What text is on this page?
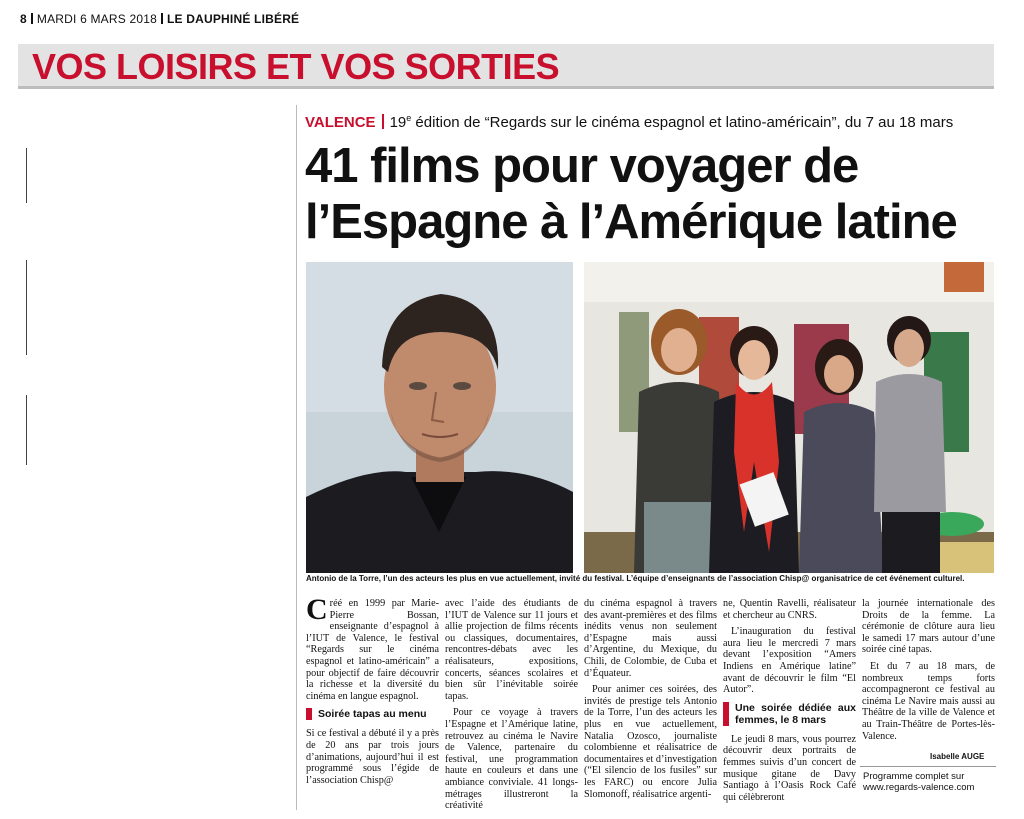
8 MARDI 6 MARS 2018 LE DAUPHINÉ LIBÉRÉ
VOS LOISIRS ET VOS SORTIES
VALENCE 19e édition de “Regards sur le cinéma espagnol et latino-américain”, du 7 au 18 mars
41 films pour voyager de
l’Espagne à l’Amérique latine
Antonio de la Torre, l’un des acteurs les plus en vue actuellement, invité du festival. L’équipe d’enseignants de l’association Chisp@ organisatrice de cet événement culturel.

Créé en 1999 par Marie-Pierre Bossan, enseignante d’espagnol à l’IUT de Valence, le festival “Regards sur le cinéma espagnol et latino-américain” a pour objectif de faire découvrir la richesse et la diversité du cinéma en langue espagnol.

Soirée tapas au menu

Si ce festival a débuté il y a près de 20 ans par trois jours d’animations, aujourd’hui il est programmé sous l’égide de l’association Chisp@

avec l’aide des étudiants de l’IUT de Valence sur 11 jours et allie projection de films récents ou classiques, documentaires, rencontres-débats avec les réalisateurs, expositions, concerts, séances scolaires et bien sûr l’inévitable soirée tapas.

Pour ce voyage à travers l’Espagne et l’Amérique latine, retrouvez au cinéma le Navire de Valence, partenaire du festival, une programmation haute en couleurs et dans une ambiance conviviale. 41 longs-métrages illustreront la créativité

du cinéma espagnol à travers des avant-premières et des films inédits venus non seulement d’Espagne mais aussi d’Argentine, du Mexique, du Chili, de Colombie, de Cuba et d’Équateur.

Pour animer ces soirées, des invités de prestige tels Antonio de la Torre, l’un des acteurs les plus en vue actuellement, Natalia Ozosco, journaliste colombienne et réalisatrice de documentaires et d’investigation (“El silencio de los fusiles” sur les FARC) ou encore Julia Slomonoff, réalisatrice argenti-

ne, Quentin Ravelli, réalisateur et chercheur au CNRS.

L’inauguration du festival aura lieu le mercredi 7 mars devant l’exposition “Amers Indiens en Amérique latine” avant de découvrir le film “El Autor”.

Une soirée dédiée aux femmes, le 8 mars

Le jeudi 8 mars, vous pourrez découvrir deux portraits de femmes suivis d’un concert de musique gitane de Davy Santiago à l’Oasis Rock Café qui célèbreront

la journée internationale des Droits de la femme. La cérémonie de clôture aura lieu le samedi 17 mars autour d’une soirée ciné tapas.

Et du 7 au 18 mars, de nombreux temps forts accompagneront ce festival au cinéma Le Navire mais aussi au Théâtre de la ville de Valence et au Train-Théâtre de Portes-lès-Valence.

Isabelle AUGE
Programme complet sur
www.regards-valence.com
